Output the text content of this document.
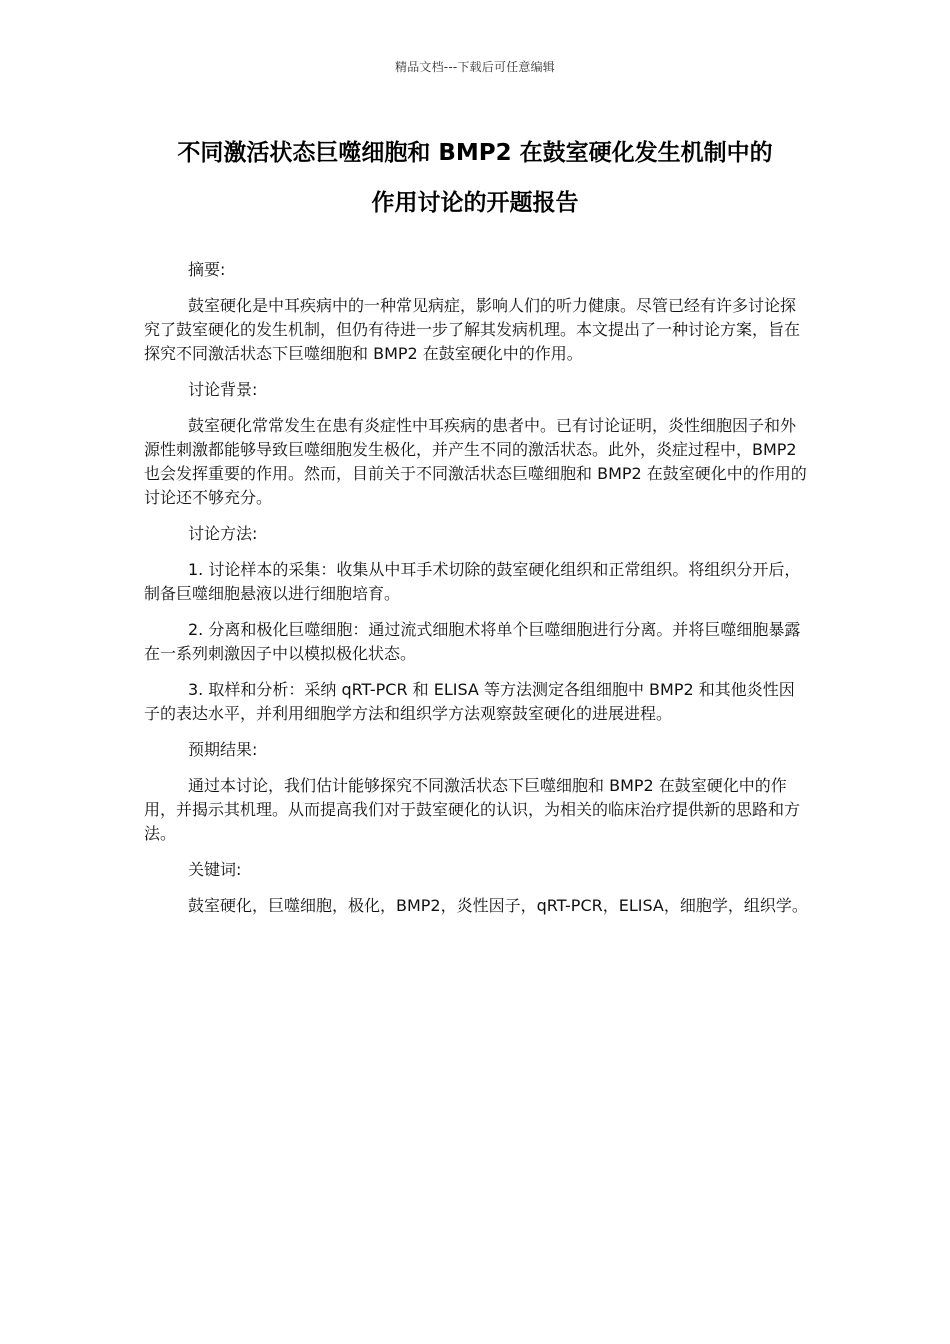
精品文档---下载后可任意编辑
不同激活状态巨噬细胞和 BMP2 在鼓室硬化发生机制中的
作用讨论的开题报告

摘要:

鼓室硬化是中耳疾病中的一种常见病症，影响人们的听力健康。尽管已经有许多讨论探究了鼓室硬化的发生机制，但仍有待进一步了解其发病机理。本文提出了一种讨论方案，旨在探究不同激活状态下巨噬细胞和 BMP2 在鼓室硬化中的作用。

讨论背景:

鼓室硬化常常发生在患有炎症性中耳疾病的患者中。已有讨论证明，炎性细胞因子和外源性刺激都能够导致巨噬细胞发生极化，并产生不同的激活状态。此外，炎症过程中，BMP2 也会发挥重要的作用。然而，目前关于不同激活状态巨噬细胞和 BMP2 在鼓室硬化中的作用的讨论还不够充分。

讨论方法:

1. 讨论样本的采集：收集从中耳手术切除的鼓室硬化组织和正常组织。将组织分开后，制备巨噬细胞悬液以进行细胞培育。

2. 分离和极化巨噬细胞：通过流式细胞术将单个巨噬细胞进行分离。并将巨噬细胞暴露在一系列刺激因子中以模拟极化状态。

3. 取样和分析：采纳 qRT-PCR 和 ELISA 等方法测定各组细胞中 BMP2 和其他炎性因子的表达水平，并利用细胞学方法和组织学方法观察鼓室硬化的进展进程。

预期结果:

通过本讨论，我们估计能够探究不同激活状态下巨噬细胞和 BMP2 在鼓室硬化中的作用，并揭示其机理。从而提高我们对于鼓室硬化的认识，为相关的临床治疗提供新的思路和方法。

关键词:

鼓室硬化，巨噬细胞，极化，BMP2，炎性因子，qRT-PCR，ELISA，细胞学，组织学。
